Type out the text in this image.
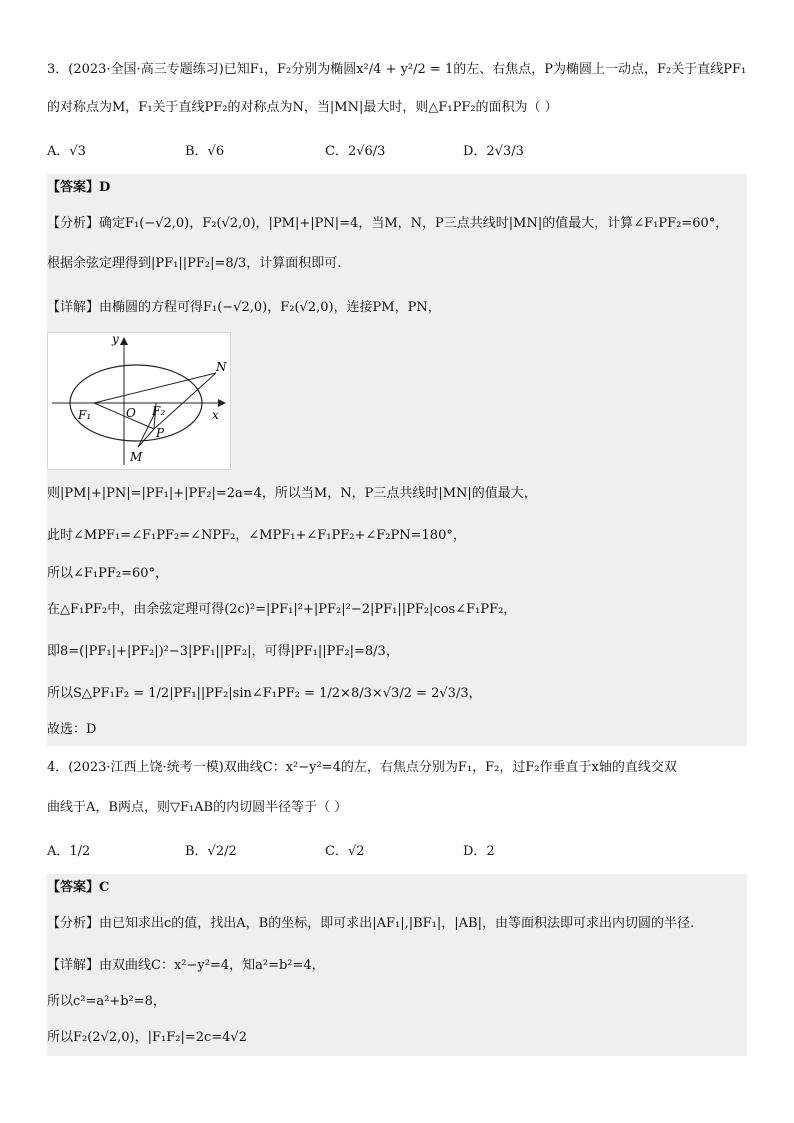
3．(2023·全国·高三专题练习)已知F₁，F₂分别为椭圆x²/4 + y²/2 = 1的左、右焦点，P为椭圆上一动点，F₂关于直线PF₁
的对称点为M，F₁关于直线PF₂的对称点为N，当|MN|最大时，则△F₁PF₂的面积为（ ）
A．√3	B．√6	C．2√6/3	D．2√3/3
【答案】D
【分析】确定F₁(−√2,0)，F₂(√2,0)，|PM|+|PN|=4，当M，N，P三点共线时|MN|的值最大，计算∠F₁PF₂=60°，
根据余弦定理得到|PF₁||PF₂|=8/3，计算面积即可.
【详解】由椭圆的方程可得F₁(−√2,0)，F₂(√2,0)，连接PM，PN，
y
x
N
F₁	O F₂
P
M
则|PM|+|PN|=|PF₁|+|PF₂|=2a=4，所以当M，N，P三点共线时|MN|的值最大，
此时∠MPF₁=∠F₁PF₂=∠NPF₂，∠MPF₁+∠F₁PF₂+∠F₂PN=180°，
所以∠F₁PF₂=60°，
在△F₁PF₂中，由余弦定理可得(2c)²=|PF₁|²+|PF₂|²−2|PF₁||PF₂|cos∠F₁PF₂，
即8=(|PF₁|+|PF₂|)²−3|PF₁||PF₂|，可得|PF₁||PF₂|=8/3，
所以S△PF₁F₂ = 1/2|PF₁||PF₂|sin∠F₁PF₂ = 1/2×8/3×√3/2 = 2√3/3，
故选：D
4．(2023·江西上饶·统考一模)双曲线C：x²−y²=4的左，右焦点分别为F₁，F₂，过F₂作垂直于x轴的直线交双
曲线于A，B两点，则▽F₁AB的内切圆半径等于（ ）
A．1/2	B．√2/2	C．√2	D．2
【答案】C
【分析】由已知求出c的值，找出A，B的坐标，即可求出|AF₁|,|BF₁|，|AB|，由等面积法即可求出内切圆的半径.
【详解】由双曲线C：x²−y²=4，知a²=b²=4，
所以c²=a²+b²=8，
所以F₂(2√2,0)，|F₁F₂|=2c=4√2
